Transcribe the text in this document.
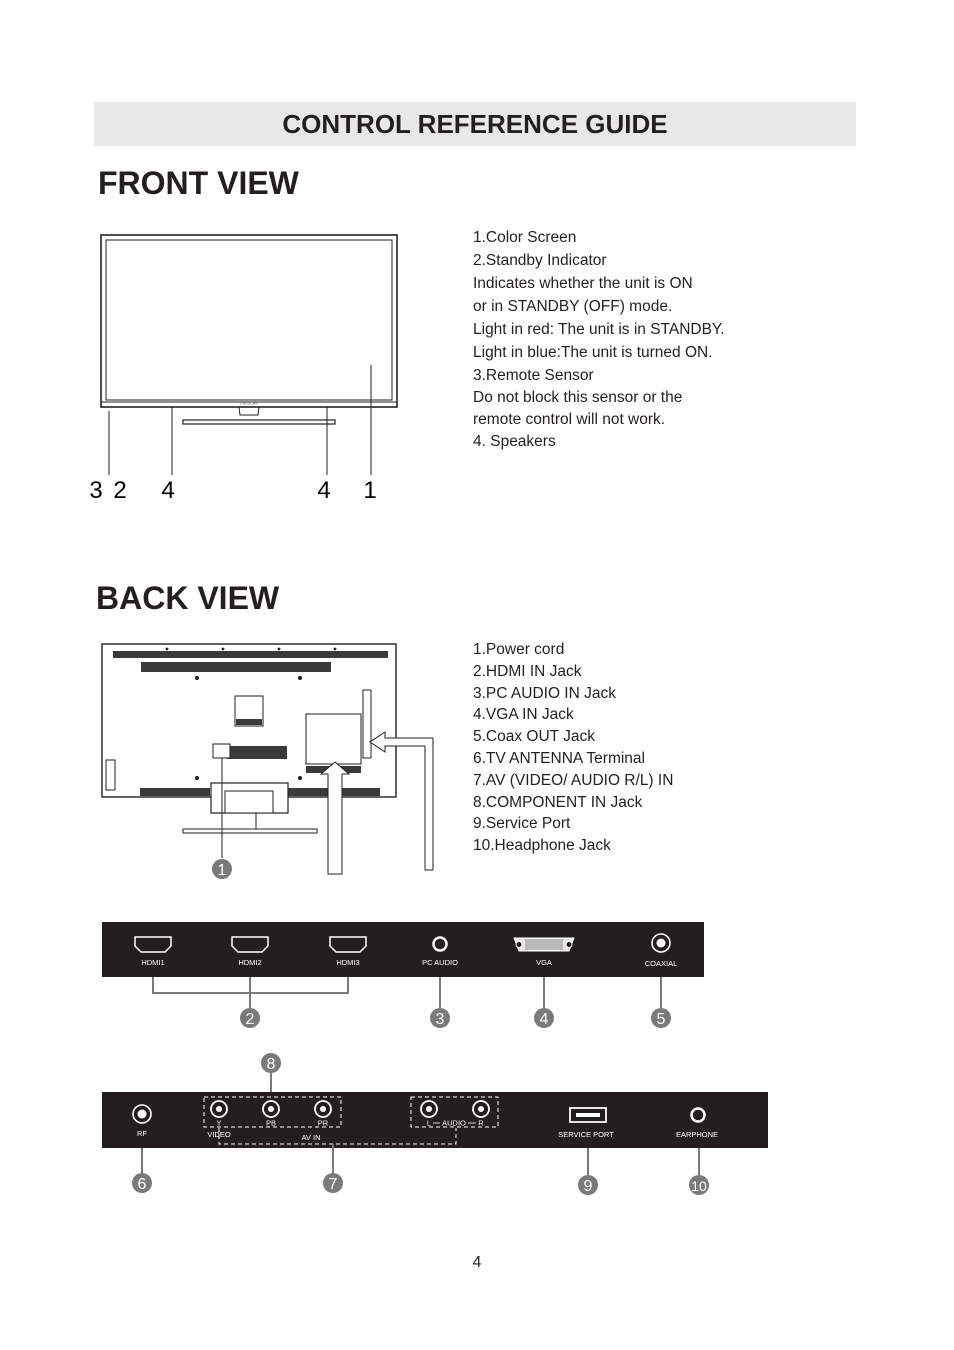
CONTROL REFERENCE GUIDE
FRONT VIEW
PROSCAN
3 2 4	4 1
1.Color Screen
2.Standby Indicator
Indicates whether the unit is ON
or in STANDBY (OFF) mode.
Light in red: The unit is in STANDBY.
Light in blue:The unit is turned ON.
3.Remote Sensor
Do not block this sensor or the
remote control will not work.
4. Speakers
BACK VIEW
1
1.Power cord
2.HDMI IN Jack
3.PC AUDIO IN Jack
4.VGA IN Jack
5.Coax OUT Jack
6.TV ANTENNA Terminal
7.AV (VIDEO/ AUDIO R/L) IN
8.COMPONENT IN Jack
9.Service Port
10.Headphone Jack
HDMI1	HDMI2	HDMI3	PC AUDIO	VGA	COAXIAL
2	3	4	5
8
RF
Y	PB	PR
VIDEO	AV IN
L AUDIO R
SERVICE PORT	EARPHONE
6	7	9	10
4
